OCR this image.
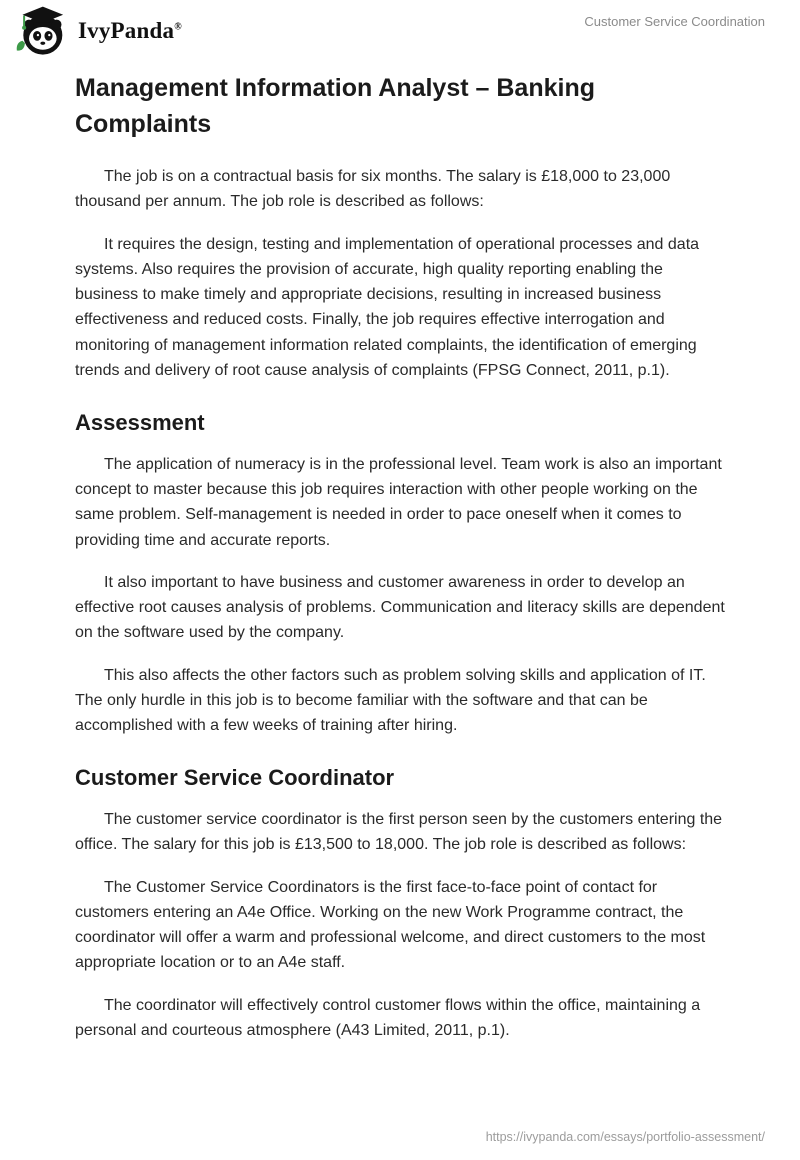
IvyPanda®	Customer Service Coordination
Management Information Analyst – Banking Complaints

The job is on a contractual basis for six months. The salary is £18,000 to 23,000 thousand per annum. The job role is described as follows:

It requires the design, testing and implementation of operational processes and data systems. Also requires the provision of accurate, high quality reporting enabling the business to make timely and appropriate decisions, resulting in increased business effectiveness and reduced costs. Finally, the job requires effective interrogation and monitoring of management information related complaints, the identification of emerging trends and delivery of root cause analysis of complaints (FPSG Connect, 2011, p.1).

Assessment

The application of numeracy is in the professional level. Team work is also an important concept to master because this job requires interaction with other people working on the same problem. Self-management is needed in order to pace oneself when it comes to providing time and accurate reports.

It also important to have business and customer awareness in order to develop an effective root causes analysis of problems. Communication and literacy skills are dependent on the software used by the company.

This also affects the other factors such as problem solving skills and application of IT. The only hurdle in this job is to become familiar with the software and that can be accomplished with a few weeks of training after hiring.

Customer Service Coordinator

The customer service coordinator is the first person seen by the customers entering the office. The salary for this job is £13,500 to 18,000. The job role is described as follows:

The Customer Service Coordinators is the first face-to-face point of contact for customers entering an A4e Office. Working on the new Work Programme contract, the coordinator will offer a warm and professional welcome, and direct customers to the most appropriate location or to an A4e staff.

The coordinator will effectively control customer flows within the office, maintaining a personal and courteous atmosphere (A43 Limited, 2011, p.1).

https://ivypanda.com/essays/portfolio-assessment/
